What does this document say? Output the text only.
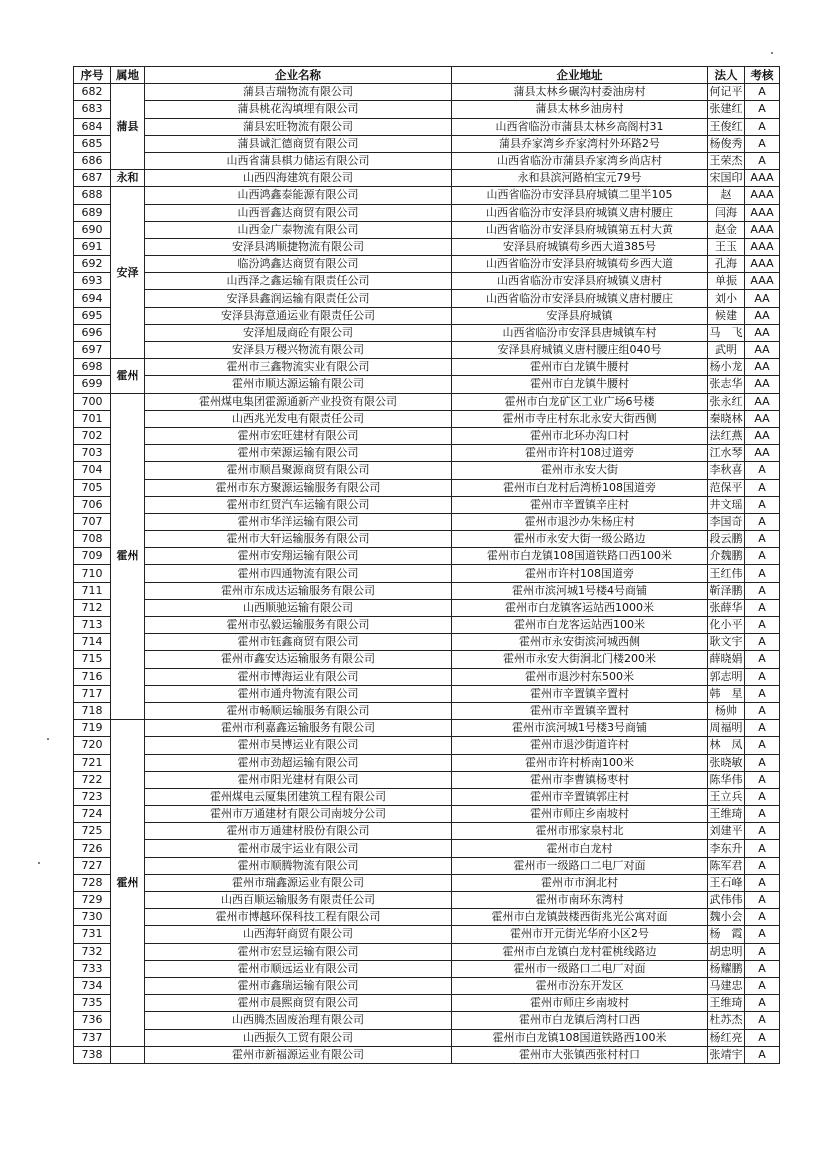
序号	属地	企业名称	企业地址	法人	考核
682	蒲县	蒲县吉瑞物流有限公司	蒲县太林乡碾沟村委油房村	何记平	A
683		蒲县桃花沟填埋有限公司	蒲县太林乡油房村	张建红	A
684		蒲县宏旺物流有限公司	山西省临汾市蒲县太林乡高阁村31	王俊红	A
685		蒲县诚汇德商贸有限公司	蒲县乔家湾乡乔家湾村外环路2号	杨俊秀	A
686		山西省蒲县棋力储运有限公司	山西省临汾市蒲县乔家湾乡尚店村	王荣杰	A
687	永和	山西四海建筑有限公司	永和县滨河路柏宝元79号	宋国印	AAA
688	安泽	山西鸿鑫泰能源有限公司	山西省临汾市安泽县府城镇二里半105	赵	AAA
689		山西晋鑫达商贸有限公司	山西省临汾市安泽县府城镇义唐村腰庄	闫海	AAA
690		山西金广泰物流有限公司	山西省临汾市安泽县府城镇第五村大黄	赵金	AAA
691		安泽县鸿顺捷物流有限公司	安泽县府城镇苟乡西大道385号	王玉	AAA
692		临汾鸿鑫达商贸有限公司	山西省临汾市安泽县府城镇苟乡西大道	孔海	AAA
693		山西泽之鑫运输有限责任公司	山西省临汾市安泽县府城镇义唐村	单振	AAA
694		安泽县鑫润运输有限责任公司	山西省临汾市安泽县府城镇义唐村腰庄	刘小	AA
695		安泽县海意通运业有限责任公司	安泽县府城镇	候建	AA
696		安泽旭晟商砼有限公司	山西省临汾市安泽县唐城镇车村	马　飞	AA
697		安泽县万稷兴物流有限公司	安泽县府城镇义唐村腰庄组040号	武明	AA
698	霍州	霍州市三鑫物流实业有限公司	霍州市白龙镇牛腰村	杨小龙	AA
699		霍州市顺达源运输有限公司	霍州市白龙镇牛腰村	张志华	AA
700	霍州	霍州煤电集团霍源通新产业投资有限公司	霍州市白龙矿区工业广场6号楼	张永红	AA
701		山西兆光发电有限责任公司	霍州市寺庄村东北永安大街西侧	秦晓林	AA
702		霍州市宏旺建材有限公司	霍州市北环办沟口村	法红燕	AA
703		霍州市荣源运输有限公司	霍州市许村108过道旁	江水琴	AA
704		霍州市顺昌聚源商贸有限公司	霍州市永安大街	李秋喜	A
705		霍州市东方聚源运输服务有限公司	霍州市白龙村后湾桥108国道旁	范保平	A
706		霍州市红贸汽车运输有限公司	霍州市辛置镇辛庄村	井文瑶	A
707		霍州市华洋运输有限公司	霍州市退沙办朱杨庄村	李国奇	A
708		霍州市大轩运输服务有限公司	霍州市永安大街一级公路边	段云鹏	A
709		霍州市安翔运输有限公司	霍州市白龙镇108国道铁路口西100米	介魏鹏	A
710		霍州市四通物流有限公司	霍州市许村108国道旁	王红伟	A
711		霍州市东成达运输服务有限公司	霍州市滨河城1号楼4号商铺	靳泽鹏	A
712		山西顺驰运输有限公司	霍州市白龙镇客运站西1000米	张薛华	A
713		霍州市弘毅运输服务有限公司	霍州市白龙客运站西100米	化小平	A
714		霍州市钰鑫商贸有限公司	霍州市永安街滨河城西侧	耿文宇	A
715		霍州市鑫安达运输服务有限公司	霍州市永安大街涧北门楼200米	薛晓娟	A
716		霍州市博海运业有限公司	霍州市退沙村东500米	郭志明	A
717		霍州市通舟物流有限公司	霍州市辛置镇辛置村	韩　星	A
718		霍州市畅顺运输服务有限公司	霍州市辛置镇辛置村	杨帅	A
719	霍州	霍州市利嘉鑫运输服务有限公司	霍州市滨河城1号楼3号商铺	周福明	A
720		霍州市昊博运业有限公司	霍州市退沙街道许村	林　凤	A
721		霍州市劲超运输有限公司	霍州市许村桥南100米	张晓敏	A
722		霍州市阳光建材有限公司	霍州市李曹镇杨枣村	陈华伟	A
723		霍州煤电云厦集团建筑工程有限公司	霍州市辛置镇郭庄村	王立兵	A
724		霍州市万通建材有限公司南坡分公司	霍州市师庄乡南坡村	王维琦	A
725		霍州市万通建材股份有限公司	霍州市邢家泉村北	刘建平	A
726		霍州市晟宇运业有限公司	霍州市白龙村	李东升	A
727		霍州市顺腾物流有限公司	霍州市一级路口二电厂对面	陈军君	A
728		霍州市瑞鑫源运业有限公司	霍州市市涧北村	王石峰	A
729		山西百顺运输服务有限责任公司	霍州市南环东湾村	武伟伟	A
730		霍州市博越环保科技工程有限公司	霍州市白龙镇鼓楼西街兆光公寓对面	魏小会	A
731		山西海轩商贸有限公司	霍州市开元街光华府小区2号	杨　霞	A
732		霍州市宏昱运输有限公司	霍州市白龙镇白龙村霍桃线路边	胡忠明	A
733		霍州市顺远运业有限公司	霍州市一级路口二电厂对面	杨耀鹏	A
734		霍州市鑫瑞运输有限公司	霍州市汾东开发区	马建忠	A
735		霍州市晨熙商贸有限公司	霍州市师庄乡南坡村	王维琦	A
736		山西腾杰固废治理有限公司	霍州市白龙镇后湾村口西	杜苏杰	A
737		山西振久工贸有限公司	霍州市白龙镇108国道铁路西100米	杨红亮	A
738		霍州市新福源运业有限公司	霍州市大张镇西张村村口	张靖宇	A
